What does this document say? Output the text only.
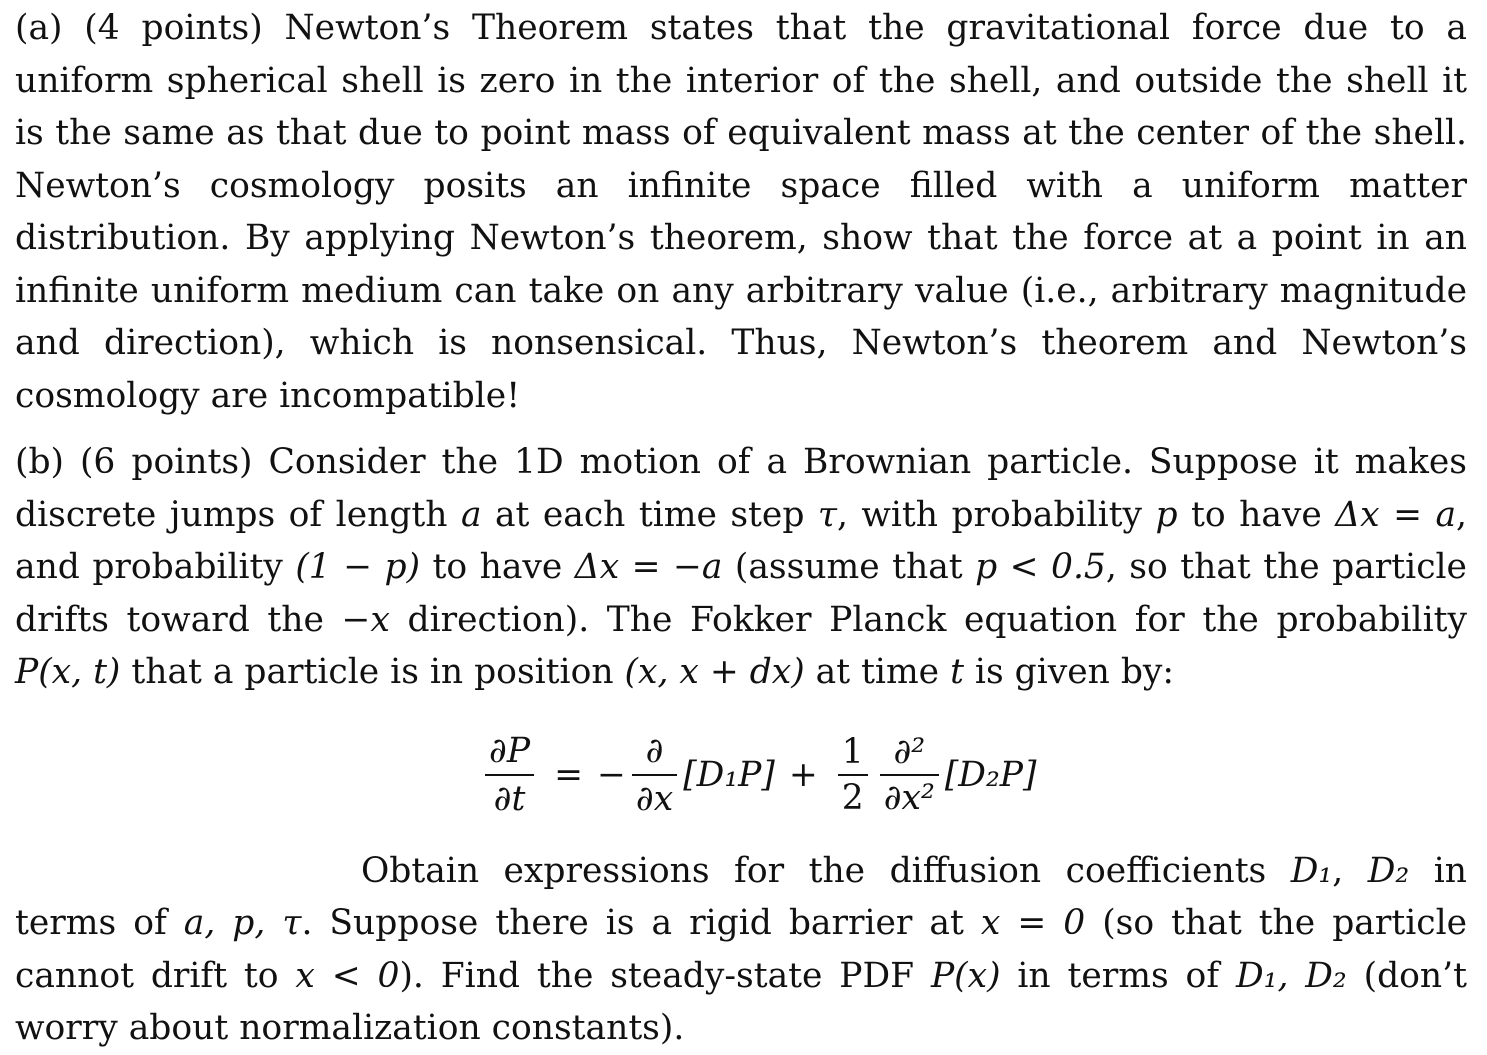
(a) (4 points) Newton’s Theorem states that the gravitational force due to a uniform spherical shell is zero in the interior of the shell, and outside the shell it is the same as that due to point mass of equivalent mass at the center of the shell. Newton’s cosmology posits an infinite space filled with a uniform matter distribution. By applying Newton’s theorem, show that the force at a point in an infinite uniform medium can take on any arbitrary value (i.e., arbitrary magnitude and direction), which is nonsensical. Thus, Newton’s theorem and Newton’s cosmology are incompatible!

(b) (6 points) Consider the 1D motion of a Brownian particle. Suppose it makes discrete jumps of length a at each time step τ, with probability p to have Δx = a, and probability (1 − p) to have Δx = −a (assume that p < 0.5, so that the particle drifts toward the −x direction). The Fokker Planck equation for the probability P(x, t) that a particle is in position (x, x + dx) at time t is given by:

$\frac{\partial P}{\partial t}$ = − $\frac{\partial}{\partial x} [D_1P] + \frac{1}{2} \frac{\text{∂²}}{\text{∂x²}} [D_2P]$

Obtain expressions for the diffusion coefficients D₁, D₂ in terms of a, p, τ. Suppose there is a rigid barrier at x = 0 (so that the particle cannot drift to x < 0). Find the steady-state PDF P(x) in terms of D₁, D₂ (don’t worry about normalization constants).
